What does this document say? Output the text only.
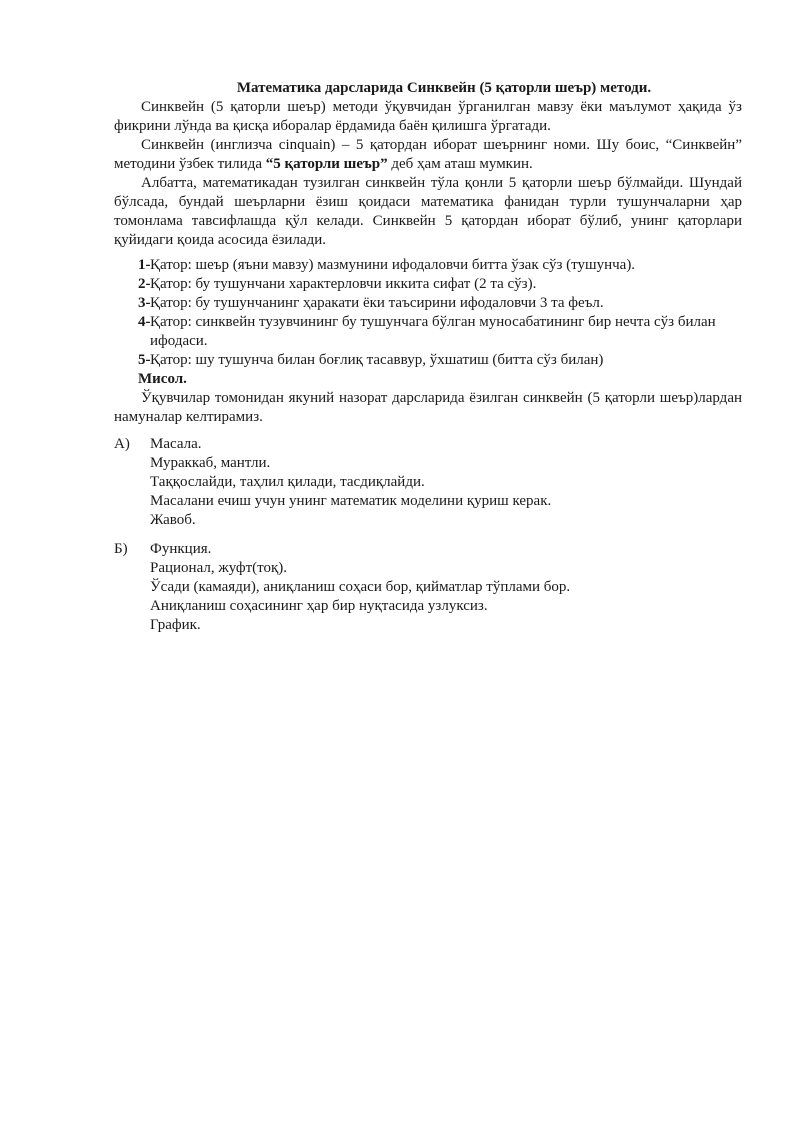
Математика дарсларида Синквейн (5 қаторли шеър) методи.

Синквейн (5 қаторли шеър) методи ўқувчидан ўрганилган мавзу ёки маълумот ҳақида ўз фикрини лўнда ва қисқа иборалар ёрдамида баён қилишга ўргатади.

Синквейн (инглизча cinquain) – 5 қатордан иборат шеърнинг номи. Шу боис, “Синквейн” методини ўзбек тилида “5 қаторли шеър” деб ҳам аташ мумкин.

Албатта, математикадан тузилган синквейн тўла қонли 5 қаторли шеър бўлмайди. Шундай бўлсада, бундай шеърларни ёзиш қоидаси математика фанидан турли тушунчаларни ҳар томонлама тавсифлашда қўл келади. Синквейн 5 қатордан иборат бўлиб, унинг қаторлари қуйидаги қоида асосида ёзилади.

1- Қатор: шеър (яъни мавзу) мазмунини ифодаловчи битта ўзак сўз (тушунча).
2- Қатор: бу тушунчани характерловчи иккита сифат (2 та сўз).
3- Қатор: бу тушунчанинг ҳаракати ёки таъсирини ифодаловчи 3 та феъл.
4- Қатор: синквейн тузувчининг бу тушунчага бўлган муносабатининг бир нечта сўз билан ифодаси.
5- Қатор: шу тушунча билан боғлиқ тасаввур, ўхшатиш (битта сўз билан)
Мисол.

Ўқувчилар томонидан якуний назорат дарсларида ёзилган синквейн (5 қаторли шеър)лардан намуналар келтирамиз.

А) Масала.
Мураккаб, мантли.
Таққослайди, таҳлил қилади, тасдиқлайди.
Масалани ечиш учун унинг математик моделини қуриш керак.
Жавоб.
Б) Функция.
Рационал, жуфт(тоқ).
Ўсади (камаяди), аниқланиш соҳаси бор, қийматлар тўплами бор.
Аниқланиш соҳасининг ҳар бир нуқтасида узлуксиз.
График.
